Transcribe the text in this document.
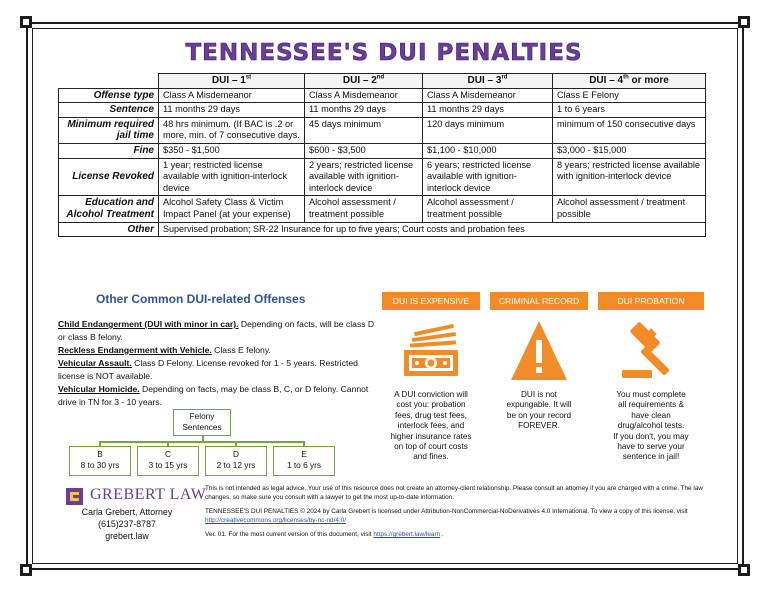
TENNESSEE'S DUI PENALTIES
	DUI – 1st	DUI – 2nd	DUI – 3rd	DUI – 4th or more
Offense type	Class A Misdemeanor	Class A Misdemeanor	Class A Misdemeanor	Class E Felony
Sentence	11 months 29 days	11 months 29 days	11 months 29 days	1 to 6 years
Minimum required jail time	48 hrs minimum. (If BAC is .2 or more, min. of 7 consecutive days.	45 days minimum	120 days minimum	minimum of 150 consecutive days
Fine	$350 - $1,500	$600 - $3,500	$1,100 - $10,000	$3,000 - $15,000
License Revoked	1 year; restricted license available with ignition-interlock device	2 years; restricted license available with ignition-interlock device	6 years; restricted license available with ignition-interlock device	8 years; restricted license available with ignition-interlock device
Education and Alcohol Treatment	Alcohol Safety Class & Victim Impact Panel (at your expense)	Alcohol assessment / treatment possible	Alcohol assessment / treatment possible	Alcohol assessment / treatment possible
Other	Supervised probation; SR-22 Insurance for up to five years; Court costs and probation fees			
Other Common DUI-related Offenses

Child Endangerment (DUI with minor in car). Depending on facts, will be class D or class B felony.

Reckless Endangerment with Vehicle. Class E felony.

Vehicular Assault. Class D Felony. License revoked for 1 - 5 years. Restricted license is NOT available.

Vehicular Homicide. Depending on facts, may be class B, C, or D felony. Cannot drive in TN for 3 - 10 years.

Felony
Sentences
B
8 to 30 yrs
C
3 to 15 yrs
D
2 to 12 yrs
E
1 to 6 yrs
DUI IS EXPENSIVE
A DUI conviction will
cost you: probation
fees, drug test fees,
interlock fees, and
higher insurance rates
on top of court costs
and fines.
CRIMINAL RECORD
DUI is not
expungable. It will
be on your record
FOREVER.
DUI PROBATION
You must complete
all requirements &
have clean
drug/alcohol tests.
If you don't, you may
have to serve your
sentence in jail!
GREBERT LAW
Carla Grebert, Attorney
(615)237-8787
grebert.law

This is not intended as legal advice. Your use of this resource does not create an attorney-client relationship. Please consult an attorney if you are charged with a crime. The law changes, so make sure you consult with a lawyer to get the most up-to-date information.

TENNESSEE'S DUI PENALTIES © 2024 by Carla Grebert is licensed under Attribution-NonCommercial-NoDerivatives 4.0 International. To view a copy of this license, visit http://creativecommons.org/licenses/by-nc-nd/4.0/

Ver. 01. For the most current version of this document, visit https://grebert.law/learn .
